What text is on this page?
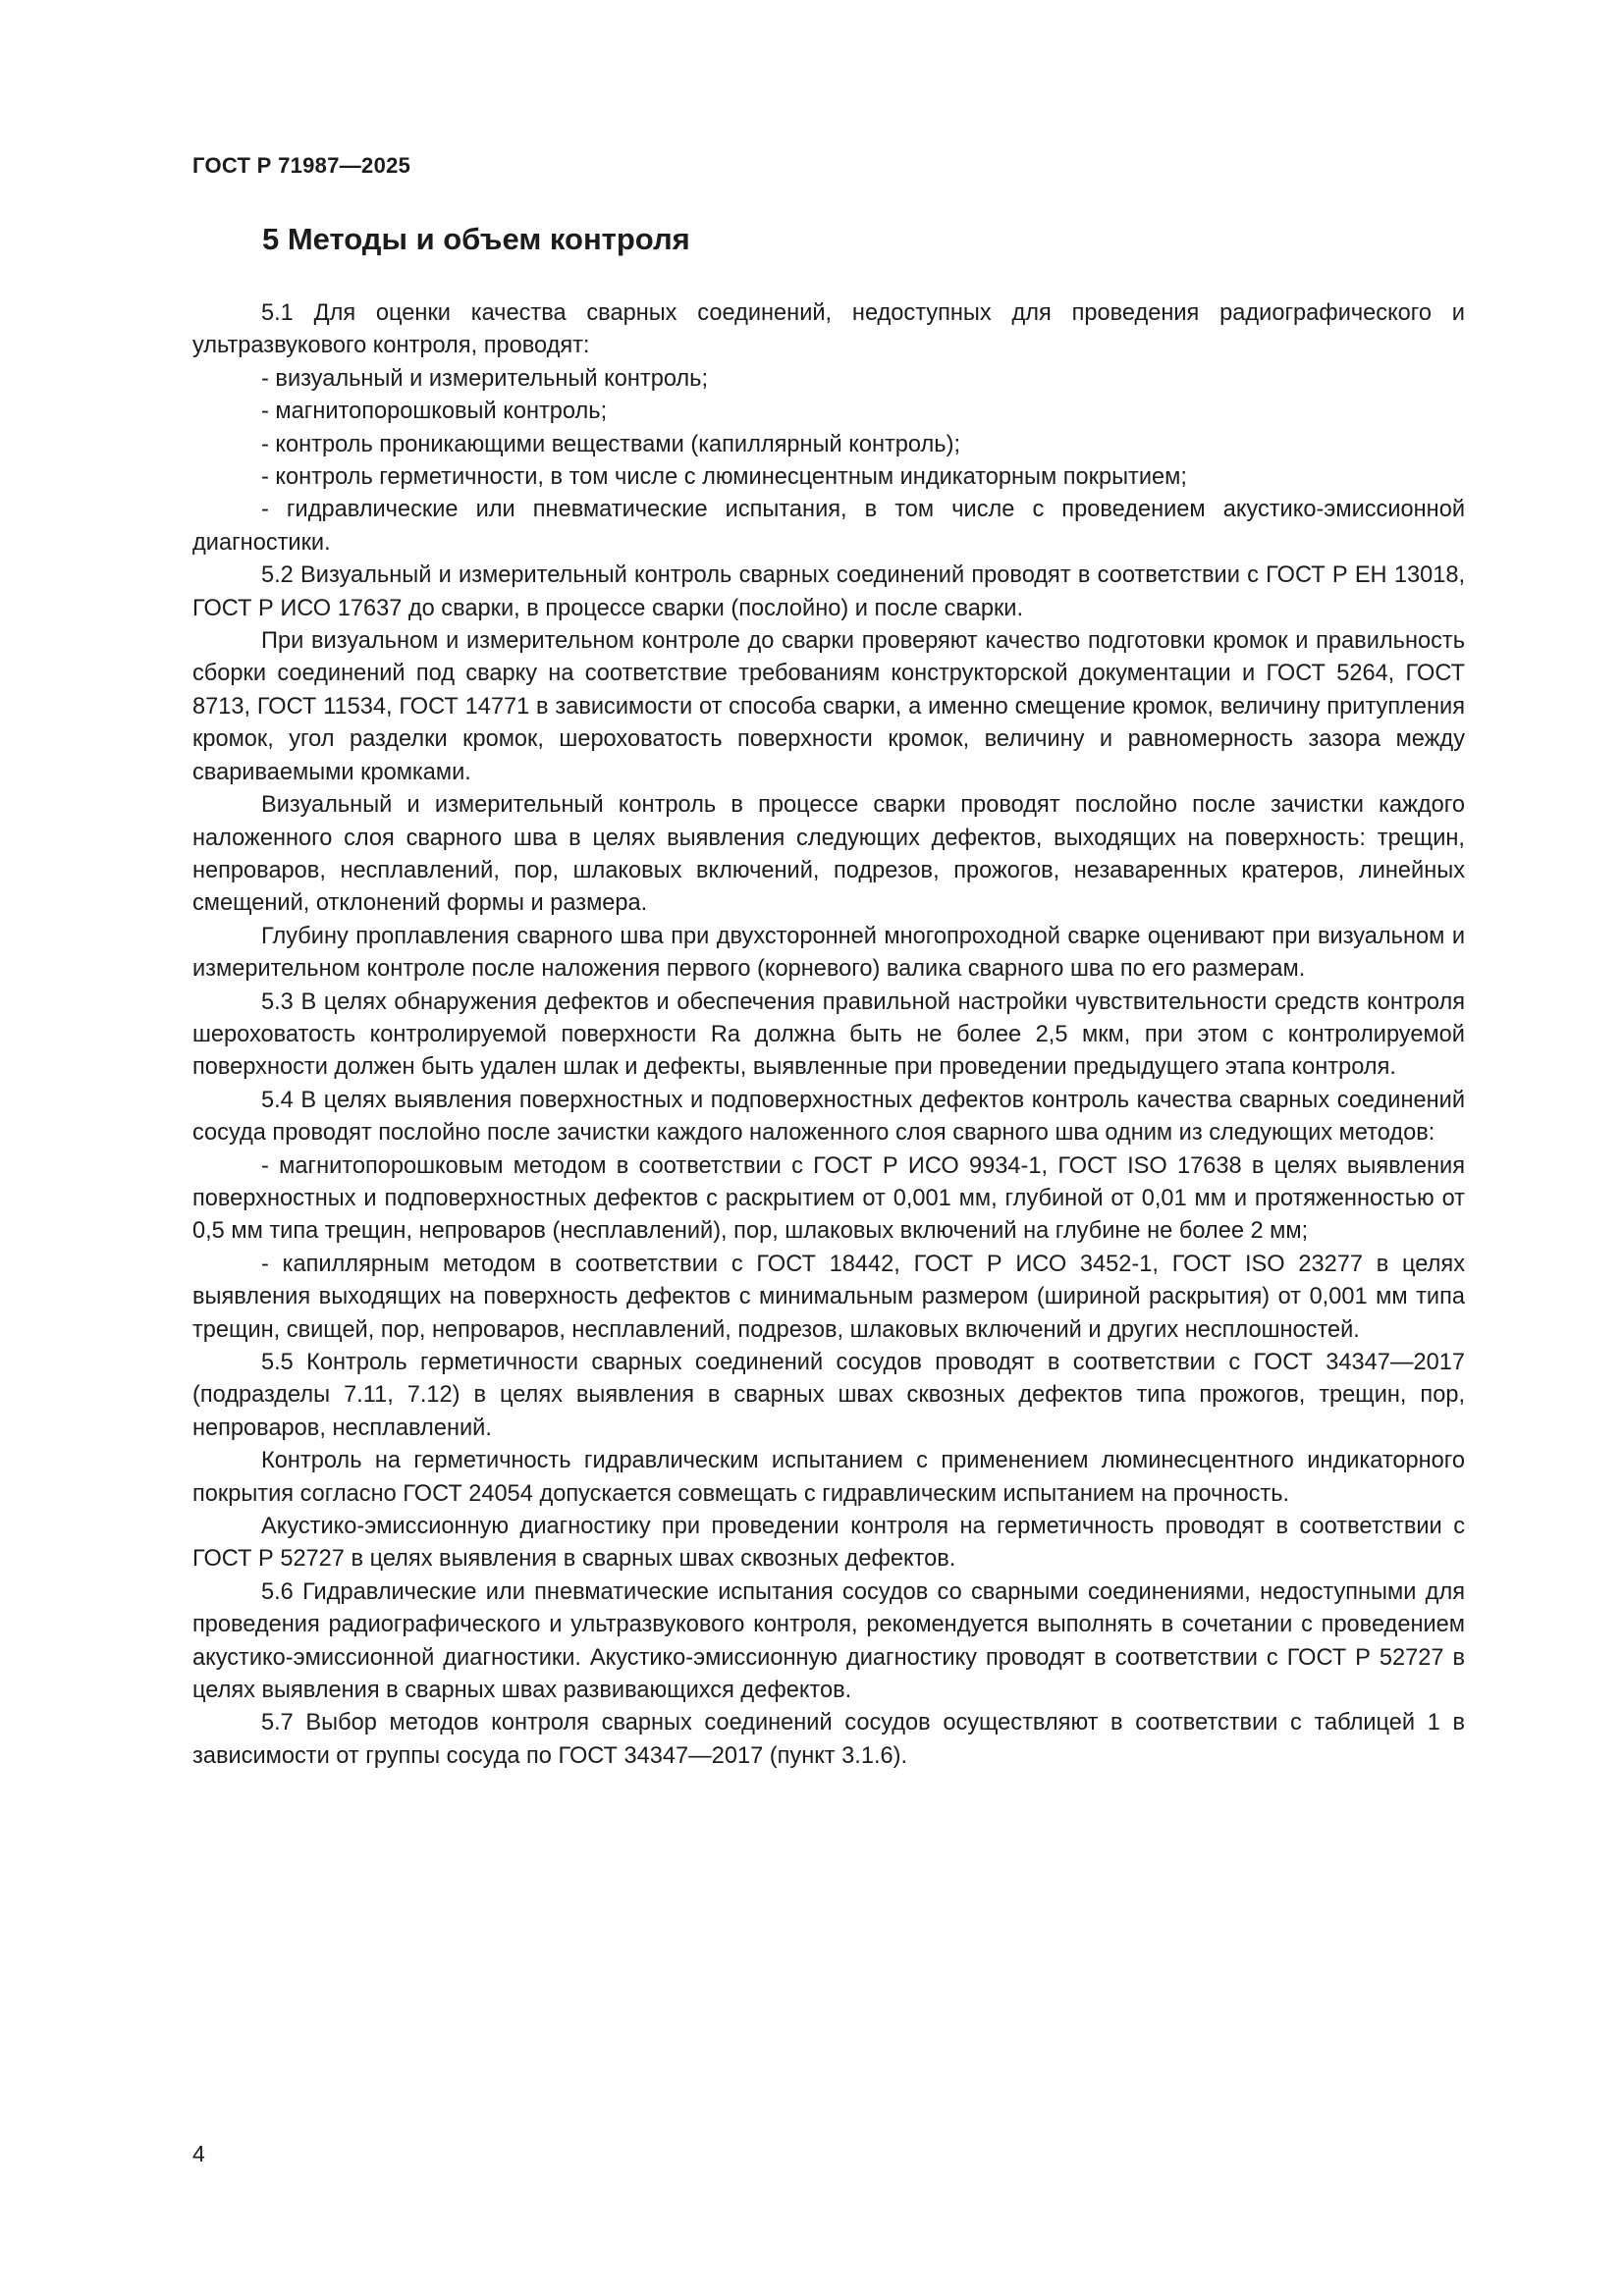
ГОСТ Р 71987—2025
5 Методы и объем контроля

5.1 Для оценки качества сварных соединений, недоступных для проведения радиографического и ультразвукового контроля, проводят:

- визуальный и измерительный контроль;

- магнитопорошковый контроль;

- контроль проникающими веществами (капиллярный контроль);

- контроль герметичности, в том числе с люминесцентным индикаторным покрытием;

- гидравлические или пневматические испытания, в том числе с проведением акустико-эмиссионной диагностики.

5.2 Визуальный и измерительный контроль сварных соединений проводят в соответствии с ГОСТ Р ЕН 13018, ГОСТ Р ИСО 17637 до сварки, в процессе сварки (послойно) и после сварки.

При визуальном и измерительном контроле до сварки проверяют качество подготовки кромок и правильность сборки соединений под сварку на соответствие требованиям конструкторской документации и ГОСТ 5264, ГОСТ 8713, ГОСТ 11534, ГОСТ 14771 в зависимости от способа сварки, а именно смещение кромок, величину притупления кромок, угол разделки кромок, шероховатость поверхности кромок, величину и равномерность зазора между свариваемыми кромками.

Визуальный и измерительный контроль в процессе сварки проводят послойно после зачистки каждого наложенного слоя сварного шва в целях выявления следующих дефектов, выходящих на поверхность: трещин, непроваров, несплавлений, пор, шлаковых включений, подрезов, прожогов, незаваренных кратеров, линейных смещений, отклонений формы и размера.

Глубину проплавления сварного шва при двухсторонней многопроходной сварке оценивают при визуальном и измерительном контроле после наложения первого (корневого) валика сварного шва по его размерам.

5.3 В целях обнаружения дефектов и обеспечения правильной настройки чувствительности средств контроля шероховатость контролируемой поверхности Ra должна быть не более 2,5 мкм, при этом с контролируемой поверхности должен быть удален шлак и дефекты, выявленные при проведении предыдущего этапа контроля.

5.4 В целях выявления поверхностных и подповерхностных дефектов контроль качества сварных соединений сосуда проводят послойно после зачистки каждого наложенного слоя сварного шва одним из следующих методов:

- магнитопорошковым методом в соответствии с ГОСТ Р ИСО 9934-1, ГОСТ ISO 17638 в целях выявления поверхностных и подповерхностных дефектов с раскрытием от 0,001 мм, глубиной от 0,01 мм и протяженностью от 0,5 мм типа трещин, непроваров (несплавлений), пор, шлаковых включений на глубине не более 2 мм;

- капиллярным методом в соответствии с ГОСТ 18442, ГОСТ Р ИСО 3452-1, ГОСТ ISO 23277 в целях выявления выходящих на поверхность дефектов с минимальным размером (шириной раскрытия) от 0,001 мм типа трещин, свищей, пор, непроваров, несплавлений, подрезов, шлаковых включений и других несплошностей.

5.5 Контроль герметичности сварных соединений сосудов проводят в соответствии с ГОСТ 34347—2017 (подразделы 7.11, 7.12) в целях выявления в сварных швах сквозных дефектов типа прожогов, трещин, пор, непроваров, несплавлений.

Контроль на герметичность гидравлическим испытанием с применением люминесцентного индикаторного покрытия согласно ГОСТ 24054 допускается совмещать с гидравлическим испытанием на прочность.

Акустико-эмиссионную диагностику при проведении контроля на герметичность проводят в соответствии с ГОСТ Р 52727 в целях выявления в сварных швах сквозных дефектов.

5.6 Гидравлические или пневматические испытания сосудов со сварными соединениями, недоступными для проведения радиографического и ультразвукового контроля, рекомендуется выполнять в сочетании с проведением акустико-эмиссионной диагностики. Акустико-эмиссионную диагностику проводят в соответствии с ГОСТ Р 52727 в целях выявления в сварных швах развивающихся дефектов.

5.7 Выбор методов контроля сварных соединений сосудов осуществляют в соответствии с таблицей 1 в зависимости от группы сосуда по ГОСТ 34347—2017 (пункт 3.1.6).

4
